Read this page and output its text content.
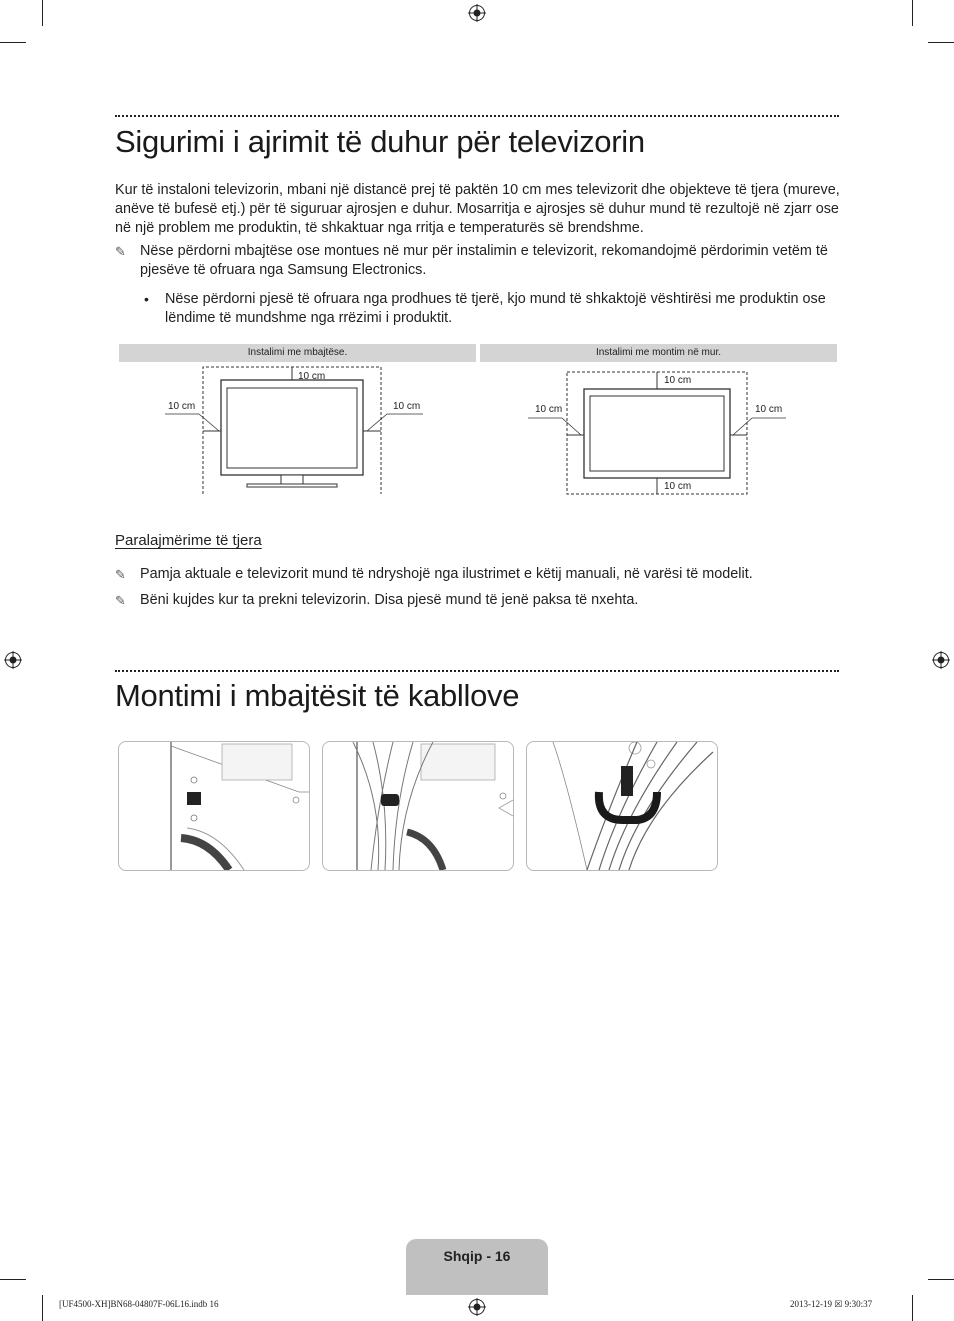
Sigurimi i ajrimit të duhur për televizorin
Kur të instaloni televizorin, mbani një distancë prej të paktën 10 cm mes televizorit dhe objekteve të tjera (mureve, anëve të bufesë etj.) për të siguruar ajrosjen e duhur. Mosarritja e ajrosjes së duhur mund të rezultojë në zjarr ose në një problem me produktin, të shkaktuar nga rritja e temperaturës së brendshme.
✎ Nëse përdorni mbajtëse ose montues në mur për instalimin e televizorit, rekomandojmë përdorimin vetëm të pjesëve të ofruara nga Samsung Electronics.
• Nëse përdorni pjesë të ofruara nga prodhues të tjerë, kjo mund të shkaktojë vështirësi me produktin ose lëndime të mundshme nga rrëzimi i produktit.
Instalimi me mbajtëse.	Instalimi me montim në mur.
10 cm
10 cm	10 cm
10 cm
10 cm	10 cm
10 cm
Paralajmërime të tjera
✎ Pamja aktuale e televizorit mund të ndryshojë nga ilustrimet e këtij manuali, në varësi të modelit.
✎ Bëni kujdes kur ta prekni televizorin. Disa pjesë mund të jenë paksa të nxehta.
Montimi i mbajtësit të kabllove
Shqip - 16
[UF4500-XH]BN68-04807F-06L16.indb 16	2013-12-19 ☒ 9:30:37
